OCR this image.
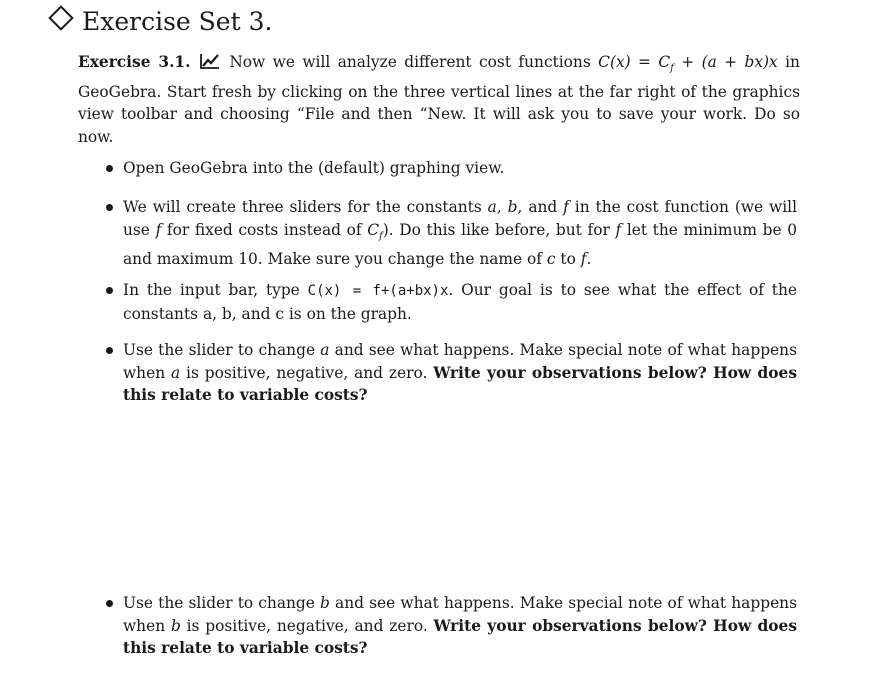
Exercise Set 3.
Exercise 3.1.	Now we will analyze different cost functions $C(x) = C_f + (a + bx)x$ in GeoGebra. Start fresh by clicking on the three vertical lines at the far right of the graphics view toolbar and choosing “File and then “New. It will ask you to save your work. Do so now.
Open GeoGebra into the (default) graphing view.
We will create three sliders for the constants a, b, and f in the cost function (we will use f for fixed costs instead of $C_f$). Do this like before, but for f let the minimum be 0 and maximum 10. Make sure you change the name of c to f.
In the input bar, type C(x) = f+(a+bx)x. Our goal is to see what the effect of the constants a, b, and c is on the graph.
Use the slider to change a and see what happens. Make special note of what happens when a is positive, negative, and zero. Write your observations below? How does this relate to variable costs?
Use the slider to change b and see what happens. Make special note of what happens when b is positive, negative, and zero. Write your observations below? How does this relate to variable costs?
